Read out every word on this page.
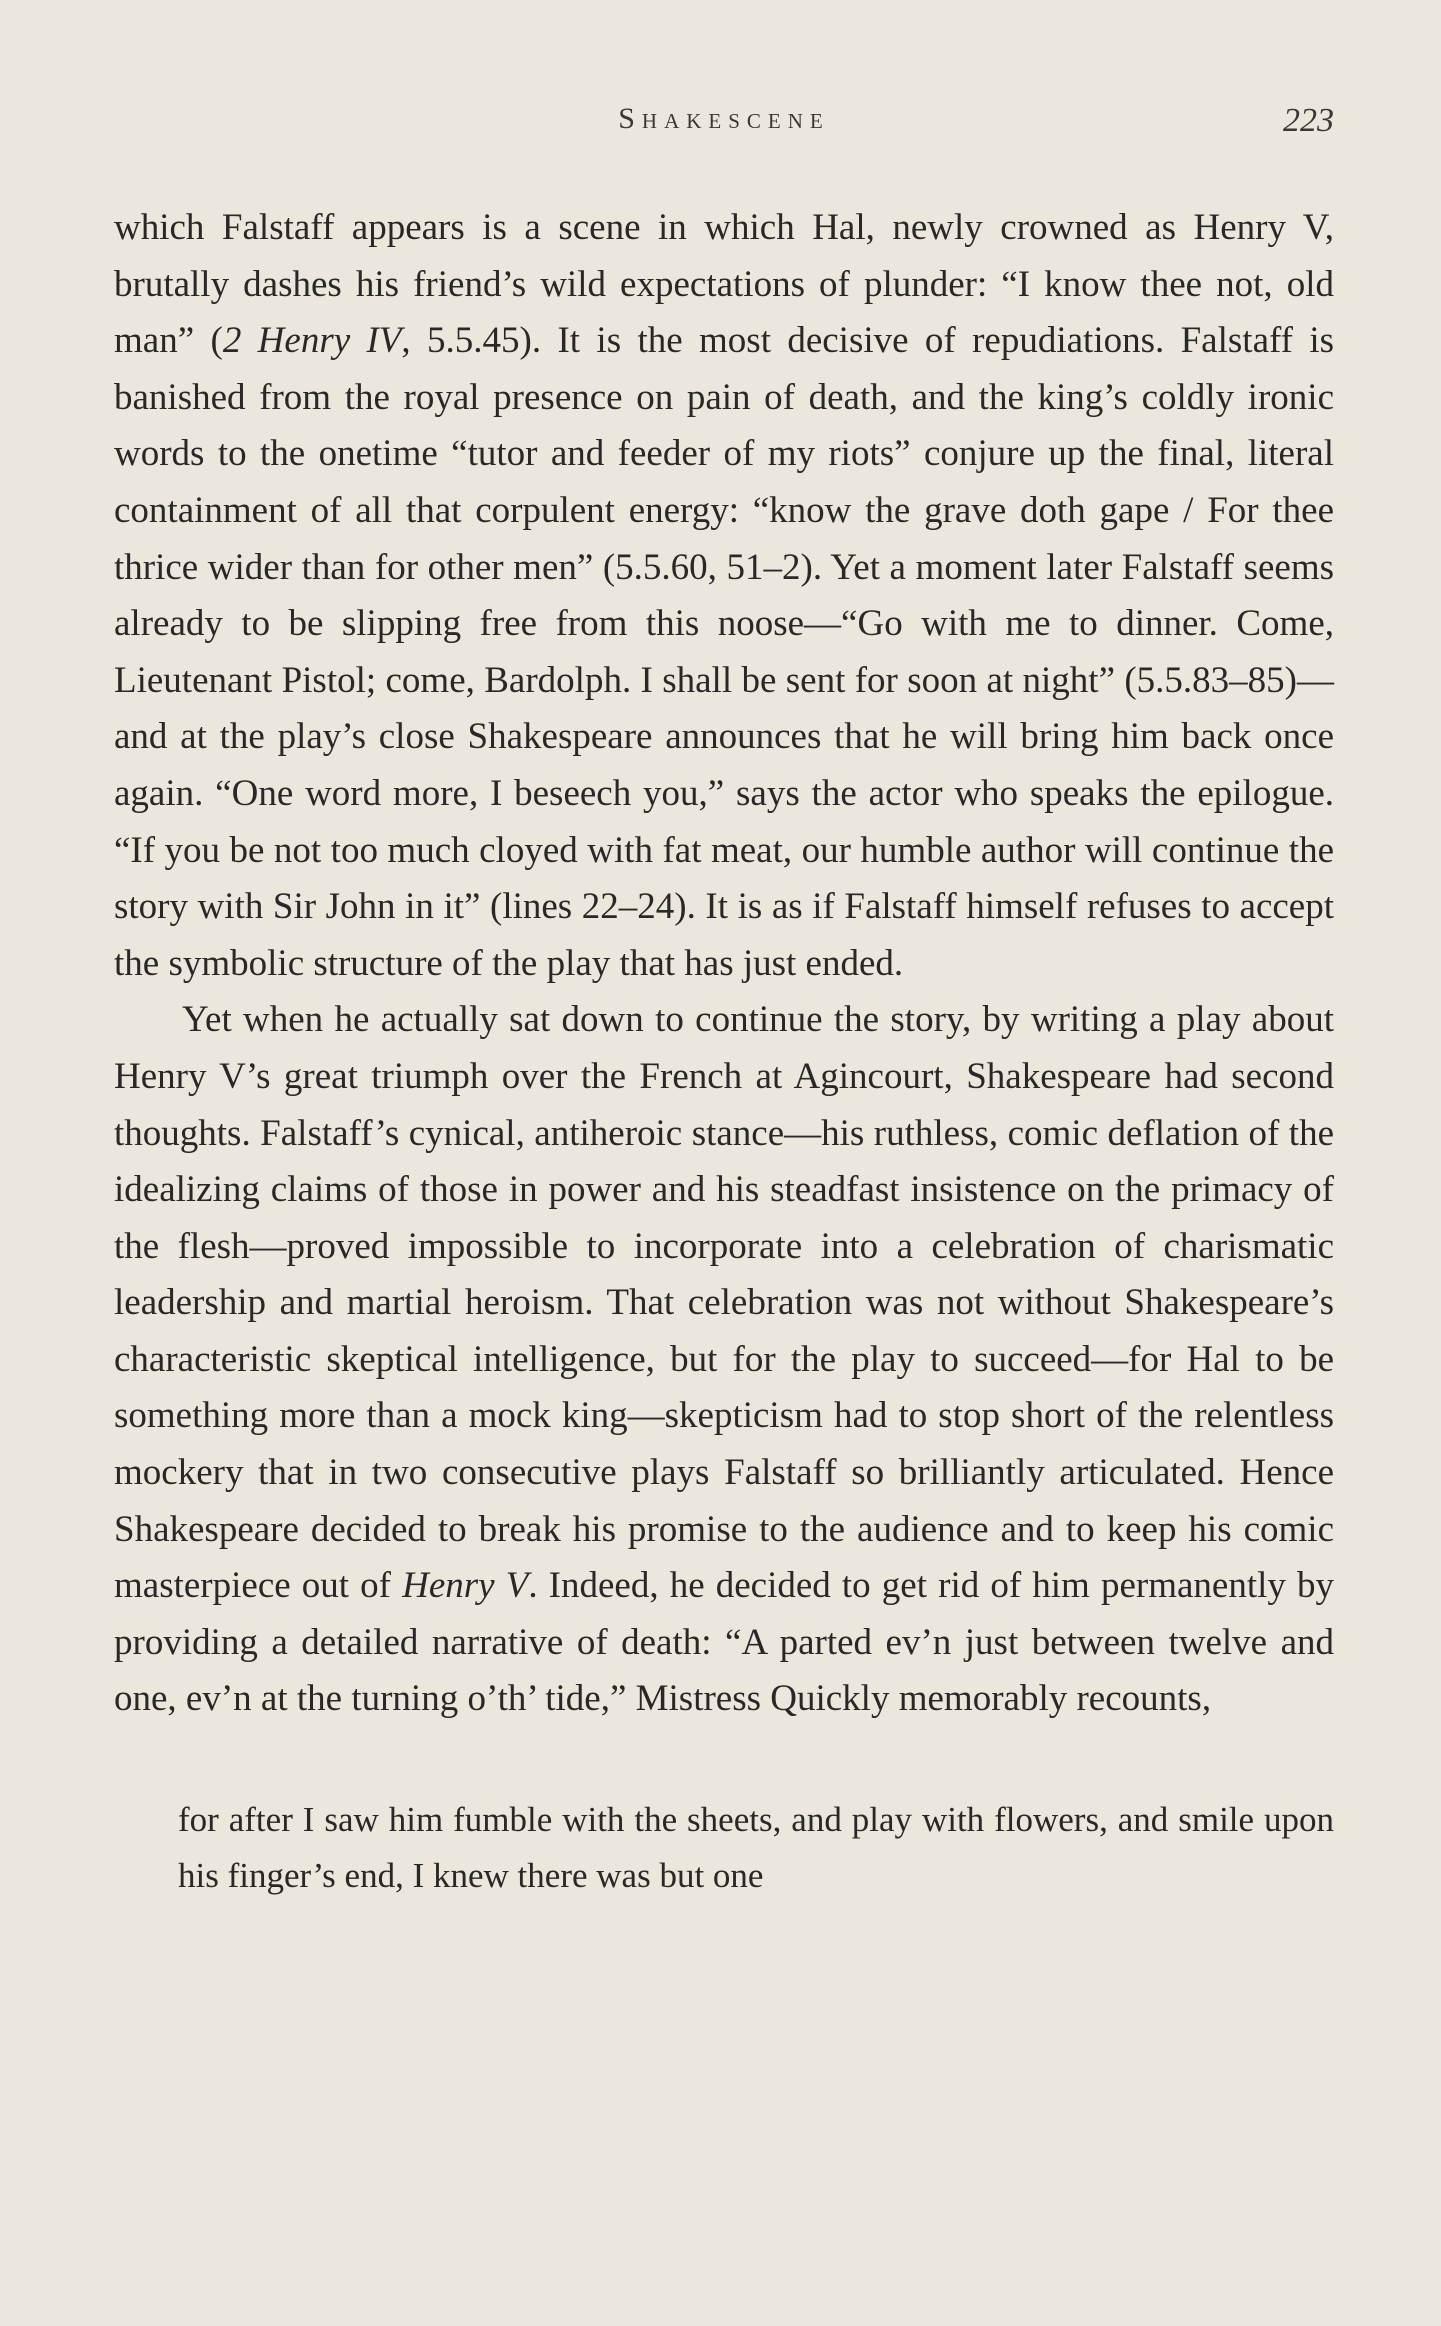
Shakescene	223

which Falstaff appears is a scene in which Hal, newly crowned as Henry V, brutally dashes his friend’s wild expectations of plunder: “I know thee not, old man” (2 Henry IV, 5.5.45). It is the most decisive of repudiations. Falstaff is banished from the royal presence on pain of death, and the king’s coldly ironic words to the onetime “tutor and feeder of my riots” conjure up the final, literal containment of all that corpulent energy: “know the grave doth gape / For thee thrice wider than for other men” (5.5.60, 51–2). Yet a moment later Falstaff seems already to be slipping free from this noose—“Go with me to dinner. Come, Lieutenant Pistol; come, Bardolph. I shall be sent for soon at night” (5.5.83–85)—and at the play’s close Shakespeare announces that he will bring him back once again. “One word more, I beseech you,” says the actor who speaks the epilogue. “If you be not too much cloyed with fat meat, our humble author will continue the story with Sir John in it” (lines 22–24). It is as if Falstaff himself refuses to accept the symbolic structure of the play that has just ended.

Yet when he actually sat down to continue the story, by writing a play about Henry V’s great triumph over the French at Agincourt, Shakespeare had second thoughts. Falstaff’s cynical, antiheroic stance—his ruthless, comic deflation of the idealizing claims of those in power and his steadfast insistence on the primacy of the flesh—proved impossible to incorporate into a celebration of charismatic leadership and martial heroism. That celebration was not without Shakespeare’s characteristic skeptical intelligence, but for the play to succeed—for Hal to be something more than a mock king—skepticism had to stop short of the relentless mockery that in two consecutive plays Falstaff so brilliantly articulated. Hence Shakespeare decided to break his promise to the audience and to keep his comic masterpiece out of Henry V. Indeed, he decided to get rid of him permanently by providing a detailed narrative of death: “A parted ev’n just between twelve and one, ev’n at the turning o’th’ tide,” Mistress Quickly memorably recounts,

for after I saw him fumble with the sheets, and play with flowers, and smile upon his finger’s end, I knew there was but one
